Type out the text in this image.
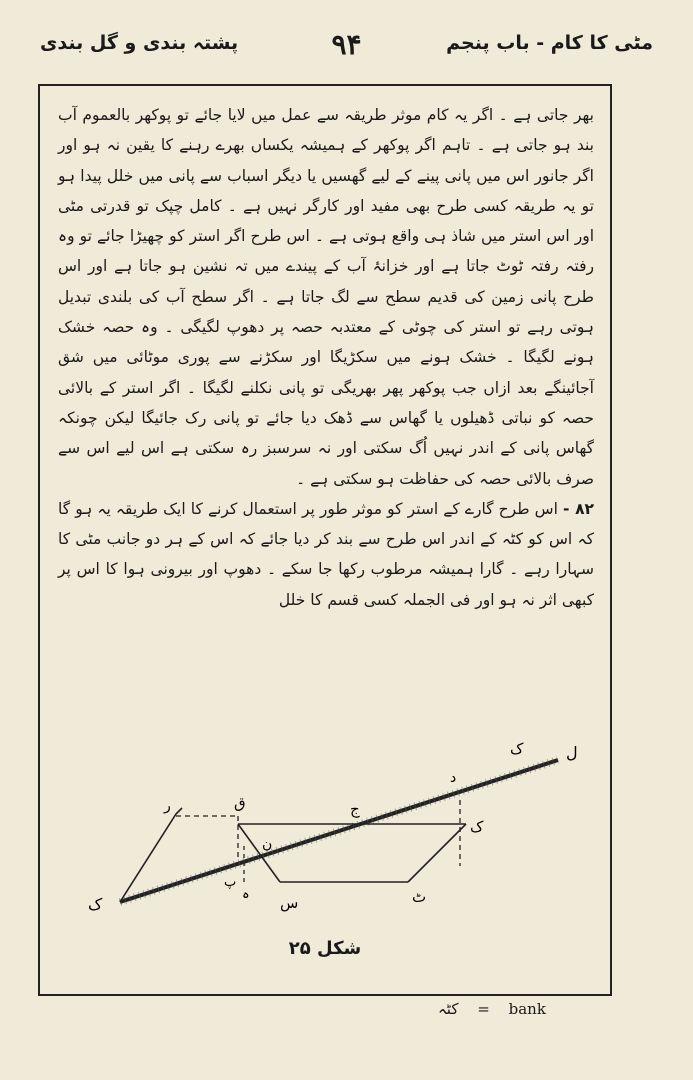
مٹی کا کام - باب پنجم
۹۴
پشتہ بندی و گل بندی

بھر جاتی ہے ۔ اگر یہ کام موثر طریقہ سے عمل میں لایا جائے تو پوکھر بالعموم آب بند ہو جاتی ہے ۔ تاہم اگر پوکھر کے ہمیشہ یکساں بھرے رہنے کا یقین نہ ہو اور اگر جانور اس میں پانی پینے کے لیے گھسیں یا دیگر اسباب سے پانی میں خلل پیدا ہو تو یہ طریقہ کسی طرح بھی مفید اور کارگر نہیں ہے ۔ کامل چپک تو قدرتی مٹی اور اس استر میں شاذ ہی واقع ہوتی ہے ۔ اس طرح اگر استر کو چھیڑا جائے تو وہ رفتہ رفتہ ٹوٹ جاتا ہے اور خزانۂ آب کے پیندے میں تہ نشین ہو جاتا ہے اور اس طرح پانی زمین کی قدیم سطح سے لگ جاتا ہے ۔ اگر سطح آب کی بلندی تبدیل ہوتی رہے تو استر کی چوٹی کے معتدبہ حصہ پر دھوپ لگیگی ۔ وہ حصہ خشک ہونے لگیگا ۔ خشک ہونے میں سکڑیگا اور سکڑنے سے پوری موٹائی میں شق آجائینگے بعد ازاں جب پوکھر پھر بھریگی تو پانی نکلنے لگیگا ۔ اگر استر کے بالائی حصہ کو نباتی ڈھیلوں یا گھاس سے ڈھک دیا جائے تو پانی رک جائیگا لیکن چونکہ گھاس پانی کے اندر نہیں اُگ سکتی اور نہ سرسبز رہ سکتی ہے اس لیے اس سے صرف بالائی حصہ کی حفاظت ہو سکتی ہے ۔

۸۲ - اس طرح گارے کے استر کو موثر طور پر استعمال کرنے کا ایک طریقہ یہ ہو گا کہ اس کو کٹہ کے اندر اس طرح سے بند کر دیا جائے کہ اس کے ہر دو جانب مٹی کا سہارا رہے ۔ گارا ہمیشہ مرطوب رکھا جا سکے ۔ دھوپ اور بیرونی ہوا کا اس پر کبھی اثر نہ ہو اور فی الجملہ کسی قسم کا خلل

ل
ک
د
ج
ق
ر
ن
ک
ٹ
س
پ
ہ
ک
شکل ۲۵
کٹہ = bank
